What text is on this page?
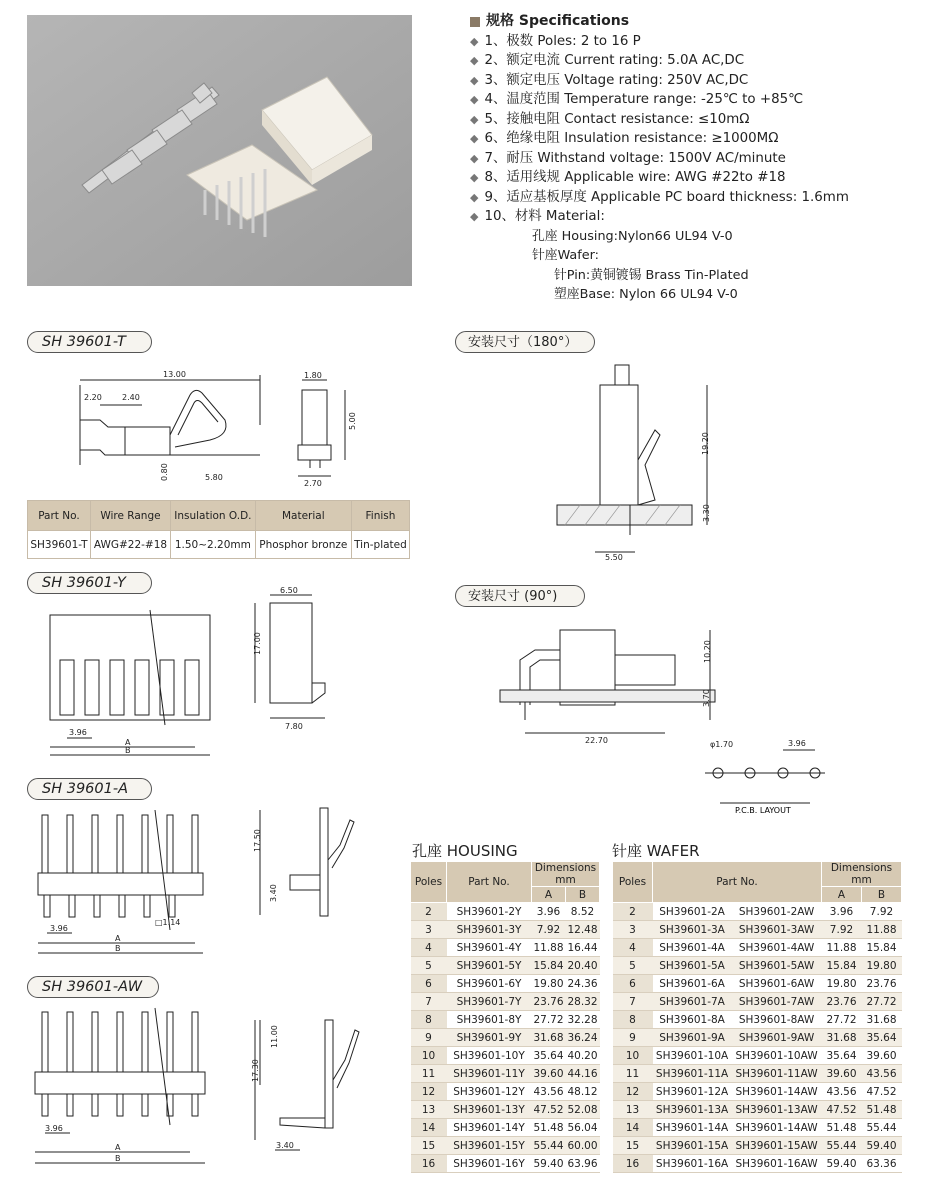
规格 Specifications
◆ 1、极数 Poles: 2 to 16 P
◆ 2、额定电流 Current rating: 5.0A AC,DC
◆ 3、额定电压 Voltage rating: 250V AC,DC
◆ 4、温度范围 Temperature range: -25℃ to +85℃
◆ 5、接触电阻 Contact resistance: ≤10mΩ
◆ 6、绝缘电阻 Insulation resistance: ≥1000MΩ
◆ 7、耐压 Withstand voltage: 1500V AC/minute
◆ 8、适用线规 Applicable wire: AWG #22to #18
◆ 9、适应基板厚度 Applicable PC board thickness: 1.6mm
◆ 10、材料 Material:
孔座 Housing:Nylon66 UL94 V-0
针座Wafer:
针Pin:黄铜镀锡 Brass Tin-Plated
塑座Base: Nylon 66 UL94 V-0
SH 39601-T	安装尺寸（180°）
SH 39601-Y
安装尺寸 (90°)
SH 39601-A
SH 39601-AW
13.00
2.20	2.40
5.80
0.80
1.80
2.70
5.00
Part No.	Wire Range	Insulation O.D.	Material	Finish
SH39601-T	AWG#22-#18	1.50~2.20mm	Phosphor bronze	Tin-plated
19.20
3.30
5.50
3.96
A
B
6.50
17.00
7.80
10.20
3.70
22.70	φ1.70	3.96
P.C.B. LAYOUT
3.96
□1.14
A
B
17.50
3.40
3.96
A
B
11.00
17.30
3.40
孔座 HOUSING
Poles	Part No.	Dimensions mm	
		A	B
2	SH39601-2Y	3.96	8.52
3	SH39601-3Y	7.92	12.48
4	SH39601-4Y	11.88	16.44
5	SH39601-5Y	15.84	20.40
6	SH39601-6Y	19.80	24.36
7	SH39601-7Y	23.76	28.32
8	SH39601-8Y	27.72	32.28
9	SH39601-9Y	31.68	36.24
10	SH39601-10Y	35.64	40.20
11	SH39601-11Y	39.60	44.16
12	SH39601-12Y	43.56	48.12
13	SH39601-13Y	47.52	52.08
14	SH39601-14Y	51.48	56.04
15	SH39601-15Y	55.44	60.00
16	SH39601-16Y	59.40	63.96
针座 WAFER
Poles	Part No.		Dimensions mm	
			A	B
2	SH39601-2A	SH39601-2AW	3.96	7.92
3	SH39601-3A	SH39601-3AW	7.92	11.88
4	SH39601-4A	SH39601-4AW	11.88	15.84
5	SH39601-5A	SH39601-5AW	15.84	19.80
6	SH39601-6A	SH39601-6AW	19.80	23.76
7	SH39601-7A	SH39601-7AW	23.76	27.72
8	SH39601-8A	SH39601-8AW	27.72	31.68
9	SH39601-9A	SH39601-9AW	31.68	35.64
10	SH39601-10A	SH39601-10AW	35.64	39.60
11	SH39601-11A	SH39601-11AW	39.60	43.56
12	SH39601-12A	SH39601-14AW	43.56	47.52
13	SH39601-13A	SH39601-13AW	47.52	51.48
14	SH39601-14A	SH39601-14AW	51.48	55.44
15	SH39601-15A	SH39601-15AW	55.44	59.40
16	SH39601-16A	SH39601-16AW	59.40	63.36
